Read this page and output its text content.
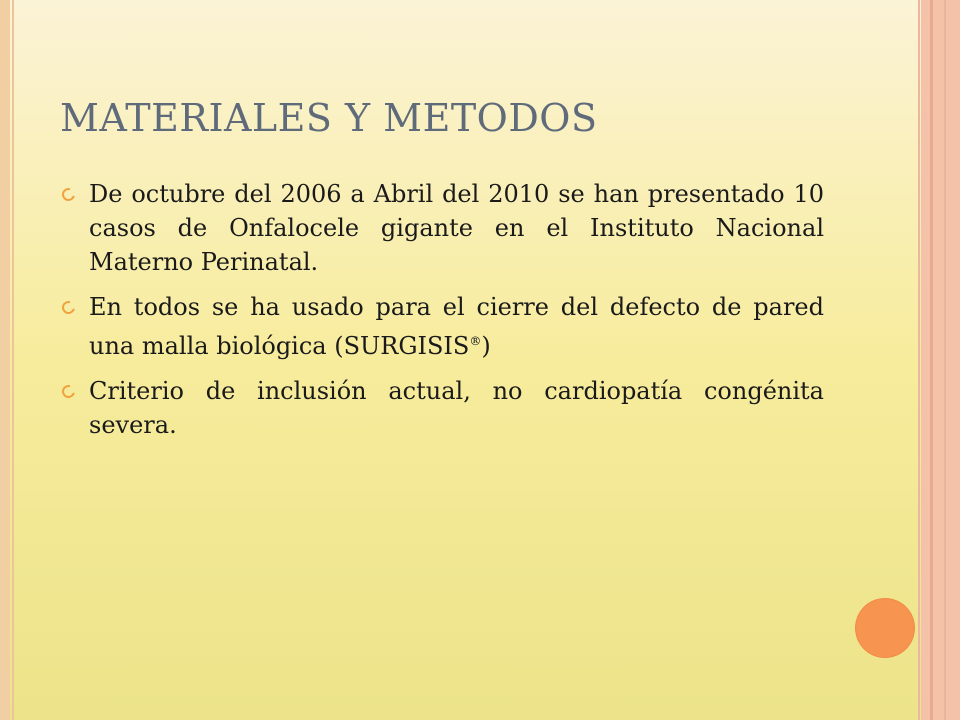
MATERIALES Y METODOS
De octubre del 2006 a Abril del 2010 se han presentado 10 casos de Onfalocele gigante en el Instituto Nacional Materno Perinatal.
En todos se ha usado para el cierre del defecto de pared una malla biológica (SURGISIS®)
Criterio de inclusión actual, no cardiopatía congénita severa.
